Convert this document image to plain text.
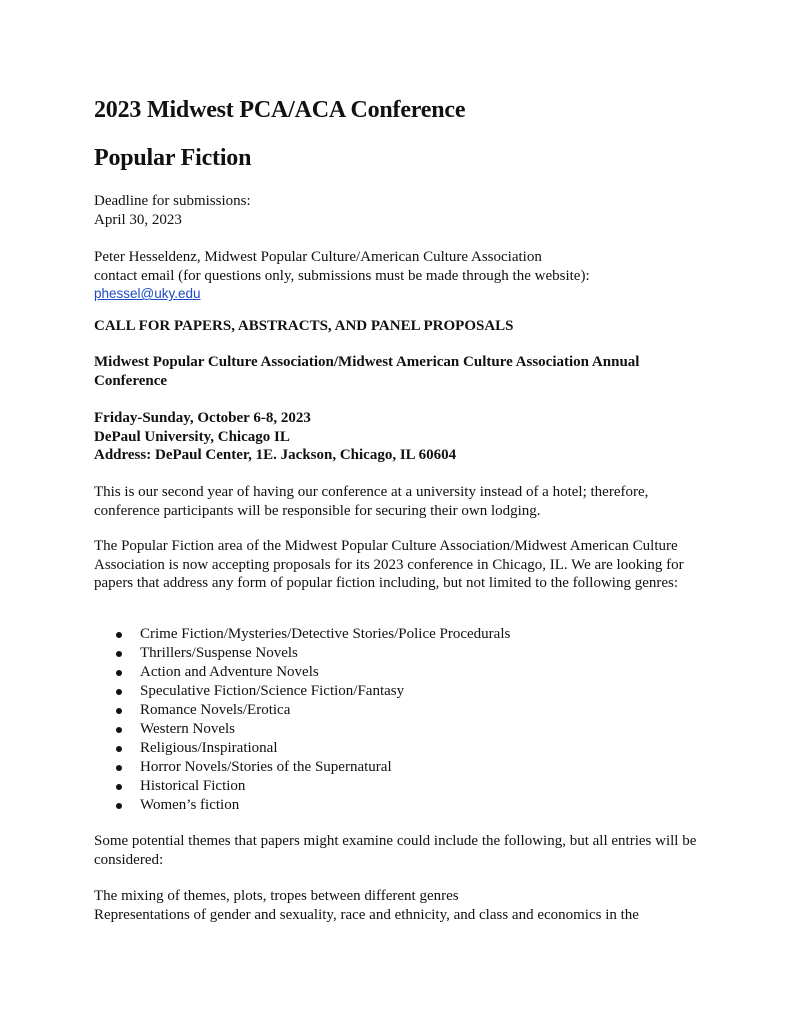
2023 Midwest PCA/ACA Conference
Popular Fiction
Deadline for submissions:
April 30, 2023
Peter Hesseldenz, Midwest Popular Culture/American Culture Association
contact email (for questions only, submissions must be made through the website):
phessel@uky.edu
CALL FOR PAPERS, ABSTRACTS, AND PANEL PROPOSALS
Midwest Popular Culture Association/Midwest American Culture Association Annual Conference
Friday-Sunday, October 6-8, 2023
DePaul University, Chicago IL
Address: DePaul Center, 1E. Jackson, Chicago, IL 60604

This is our second year of having our conference at a university instead of a hotel; therefore, conference participants will be responsible for securing their own lodging.

The Popular Fiction area of the Midwest Popular Culture Association/Midwest American Culture Association is now accepting proposals for its 2023 conference in Chicago, IL. We are looking for papers that address any form of popular fiction including, but not limited to the following genres:

Crime Fiction/Mysteries/Detective Stories/Police Procedurals
Thrillers/Suspense Novels
Action and Adventure Novels
Speculative Fiction/Science Fiction/Fantasy
Romance Novels/Erotica
Western Novels
Religious/Inspirational
Horror Novels/Stories of the Supernatural
Historical Fiction
Women’s fiction

Some potential themes that papers might examine could include the following, but all entries will be considered:

The mixing of themes, plots, tropes between different genres
Representations of gender and sexuality, race and ethnicity, and class and economics in the
